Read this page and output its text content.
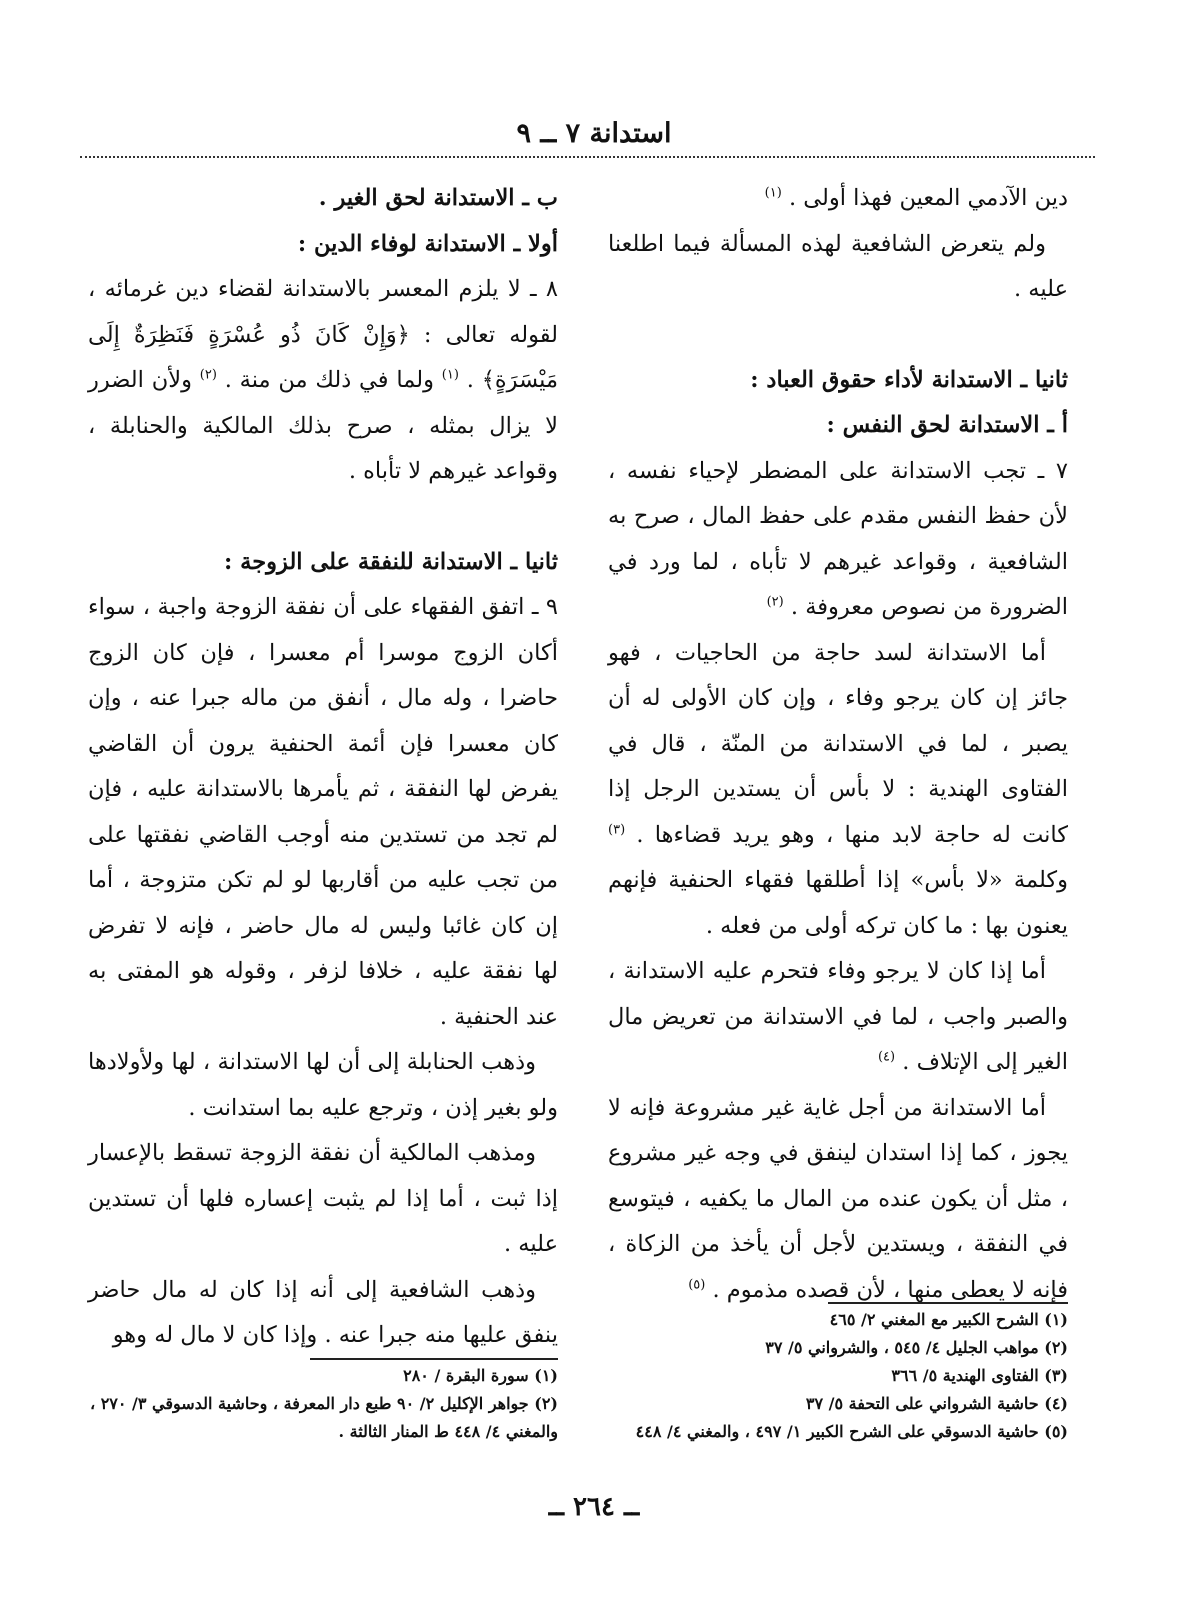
استدانة ٧ ــ ٩

دين الآدمي المعين فهذا أولى . $^{(١)}$

ولم يتعرض الشافعية لهذه المسألة فيما اطلعنا عليه .

ثانيا ـ الاستدانة لأداء حقوق العباد :

أ ـ الاستدانة لحق النفس :

٧ ـ تجب الاستدانة على المضطر لإحياء نفسه ، لأن حفظ النفس مقدم على حفظ المال ، صرح به الشافعية ، وقواعد غيرهم لا تأباه ، لما ورد في الضرورة من نصوص معروفة . $^{(٢)}$

أما الاستدانة لسد حاجة من الحاجيات ، فهو جائز إن كان يرجو وفاء ، وإن كان الأولى له أن يصبر ، لما في الاستدانة من المنّة ، قال في الفتاوى الهندية : لا بأس أن يستدين الرجل إذا كانت له حاجة لابد منها ، وهو يريد قضاءها . $^{(٣)}$ وكلمة «لا بأس» إذا أطلقها فقهاء الحنفية فإنهم يعنون بها : ما كان تركه أولى من فعله .

أما إذا كان لا يرجو وفاء فتحرم عليه الاستدانة ، والصبر واجب ، لما في الاستدانة من تعريض مال الغير إلى الإتلاف . $^{(٤)}$

أما الاستدانة من أجل غاية غير مشروعة فإنه لا يجوز ، كما إذا استدان لينفق في وجه غير مشروع ، مثل أن يكون عنده من المال ما يكفيه ، فيتوسع في النفقة ، ويستدين لأجل أن يأخذ من الزكاة ، فإنه لا يعطى منها ، لأن قصده مذموم . $^{(٥)}$

(١) الشرح الكبير مع المغني ٢/ ٤٦٥
(٢) مواهب الجليل ٤/ ٥٤٥ ، والشرواني ٥/ ٣٧
(٣) الفتاوى الهندية ٥/ ٣٦٦
(٤) حاشية الشرواني على التحفة ٥/ ٣٧
(٥) حاشية الدسوقي على الشرح الكبير ١/ ٤٩٧ ، والمغني ٤/ ٤٤٨

ب ـ الاستدانة لحق الغير .

أولا ـ الاستدانة لوفاء الدين :

٨ ـ لا يلزم المعسر بالاستدانة لقضاء دين غرمائه ، لقوله تعالى : ﴿وَإِنْ كَانَ ذُو عُسْرَةٍ فَنَظِرَةٌ إِلَى مَيْسَرَةٍ﴾ . $^{(١)}$ ولما في ذلك من منة . $^{(٢)}$ ولأن الضرر لا يزال بمثله ، صرح بذلك المالكية والحنابلة ، وقواعد غيرهم لا تأباه .

ثانيا ـ الاستدانة للنفقة على الزوجة :

٩ ـ اتفق الفقهاء على أن نفقة الزوجة واجبة ، سواء أكان الزوج موسرا أم معسرا ، فإن كان الزوج حاضرا ، وله مال ، أنفق من ماله جبرا عنه ، وإن كان معسرا فإن أئمة الحنفية يرون أن القاضي يفرض لها النفقة ، ثم يأمرها بالاستدانة عليه ، فإن لم تجد من تستدين منه أوجب القاضي نفقتها على من تجب عليه من أقاربها لو لم تكن متزوجة ، أما إن كان غائبا وليس له مال حاضر ، فإنه لا تفرض لها نفقة عليه ، خلافا لزفر ، وقوله هو المفتى به عند الحنفية .

وذهب الحنابلة إلى أن لها الاستدانة ، لها ولأولادها ولو بغير إذن ، وترجع عليه بما استدانت .

ومذهب المالكية أن نفقة الزوجة تسقط بالإعسار إذا ثبت ، أما إذا لم يثبت إعساره فلها أن تستدين عليه .

وذهب الشافعية إلى أنه إذا كان له مال حاضر ينفق عليها منه جبرا عنه . وإذا كان لا مال له وهو

(١) سورة البقرة / ٢٨٠
(٢) جواهر الإكليل ٢/ ٩٠ طبع دار المعرفة ، وحاشية الدسوقي ٣/ ٢٧٠ ، والمغني ٤/ ٤٤٨ ط المنار الثالثة .
ــ ٢٦٤ ــ
